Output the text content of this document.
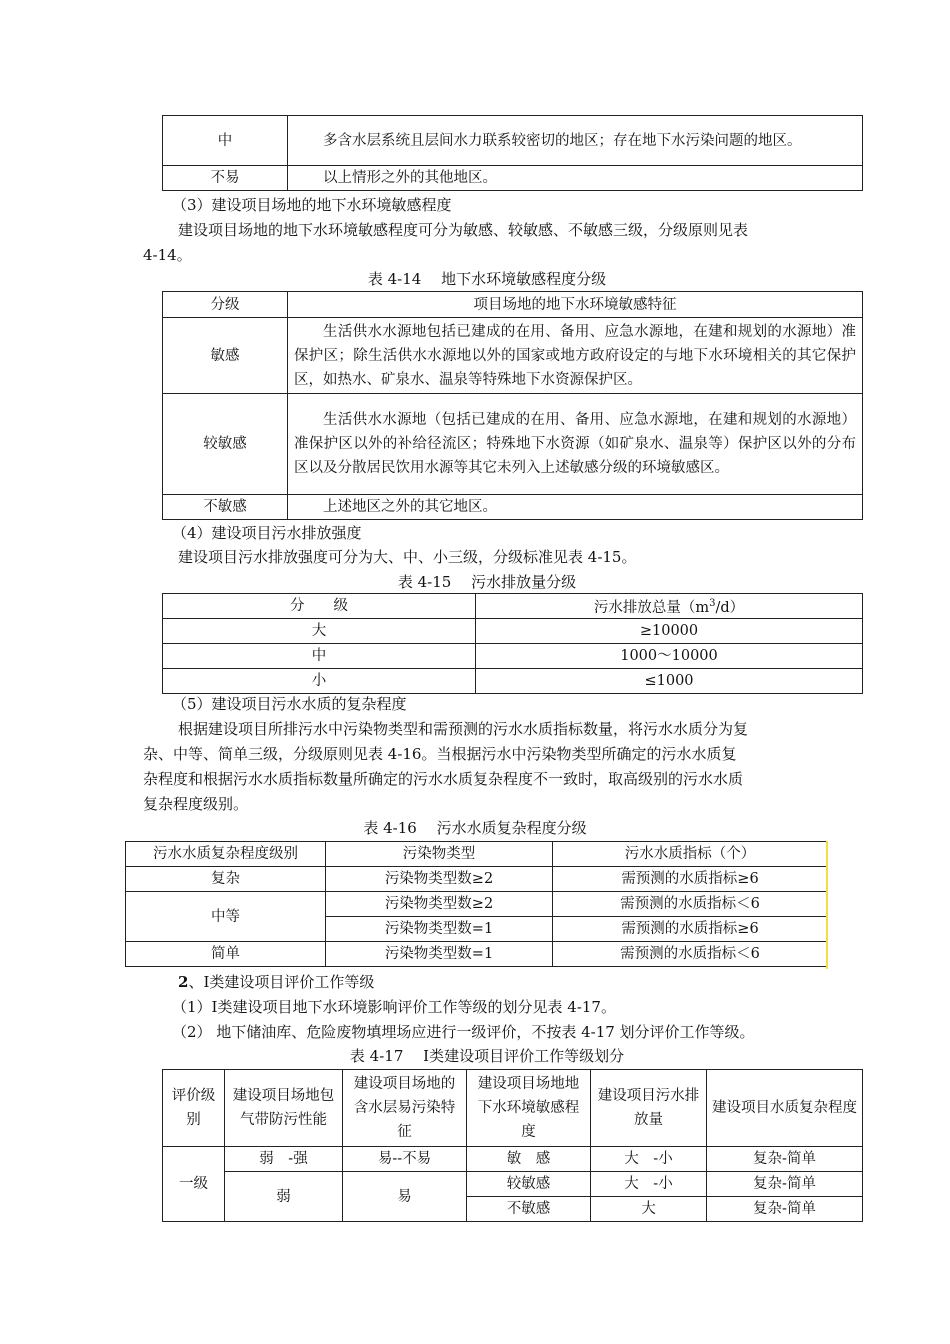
中	多含水层系统且层间水力联系较密切的地区；存在地下水污染问题的地区。
不易	以上情形之外的其他地区。
（3）建设项目场地的地下水环境敏感程度
建设项目场地的地下水环境敏感程度可分为敏感、较敏感、不敏感三级，分级原则见表
4-14。
表 4-14　 地下水环境敏感程度分级
分级	项目场地的地下水环境敏感特征
敏感	生活供水水源地包括已建成的在用、备用、应急水源地，在建和规划的水源地）准保护区；除生活供水水源地以外的国家或地方政府设定的与地下水环境相关的其它保护区，如热水、矿泉水、温泉等特殊地下水资源保护区。
较敏感	生活供水水源地（包括已建成的在用、备用、应急水源地，在建和规划的水源地）准保护区以外的补给径流区；特殊地下水资源（如矿泉水、温泉等）保护区以外的分布区以及分散居民饮用水源等其它未列入上述敏感分级的环境敏感区。
不敏感	上述地区之外的其它地区。
（4）建设项目污水排放强度
建设项目污水排放强度可分为大、中、小三级，分级标准见表 4-15。
表 4-15　 污水排放量分级
分　　级	污水排放总量$(m^3/d)$
大	≥10000
中	1000～10000
小	≤1000
（5）建设项目污水水质的复杂程度
根据建设项目所排污水中污染物类型和需预测的污水水质指标数量，将污水水质分为复
杂、中等、简单三级，分级原则见表 4-16。当根据污水中污染物类型所确定的污水水质复
杂程度和根据污水水质指标数量所确定的污水水质复杂程度不一致时，取高级别的污水水质
复杂程度级别。
表 4-16　 污水水质复杂程度分级
污水水质复杂程度级别	污染物类型	污水水质指标（个）
复杂	污染物类型数≥2	需预测的水质指标≥6
中等	污染物类型数≥2	需预测的水质指标＜6
	污染物类型数=1	需预测的水质指标≥6
简单	污染物类型数=1	需预测的水质指标＜6
2、Ⅰ类建设项目评价工作等级
（1）Ⅰ类建设项目地下水环境影响评价工作等级的划分见表 4-17。
（2） 地下储油库、危险废物填埋场应进行一级评价，不按表 4-17 划分评价工作等级。
表 4-17　 Ⅰ类建设项目评价工作等级划分
评价级别	建设项目场地包气带防污性能	建设项目场地的含水层易污染特征	建设项目场地地下水环境敏感程度	建设项目污水排放量	建设项目水质复杂程度
一级	弱　-强	易--不易	敏　感	大　-小	复杂-简单
	弱	易	较敏感	大　-小	复杂-简单
			不敏感	大	复杂-简单
